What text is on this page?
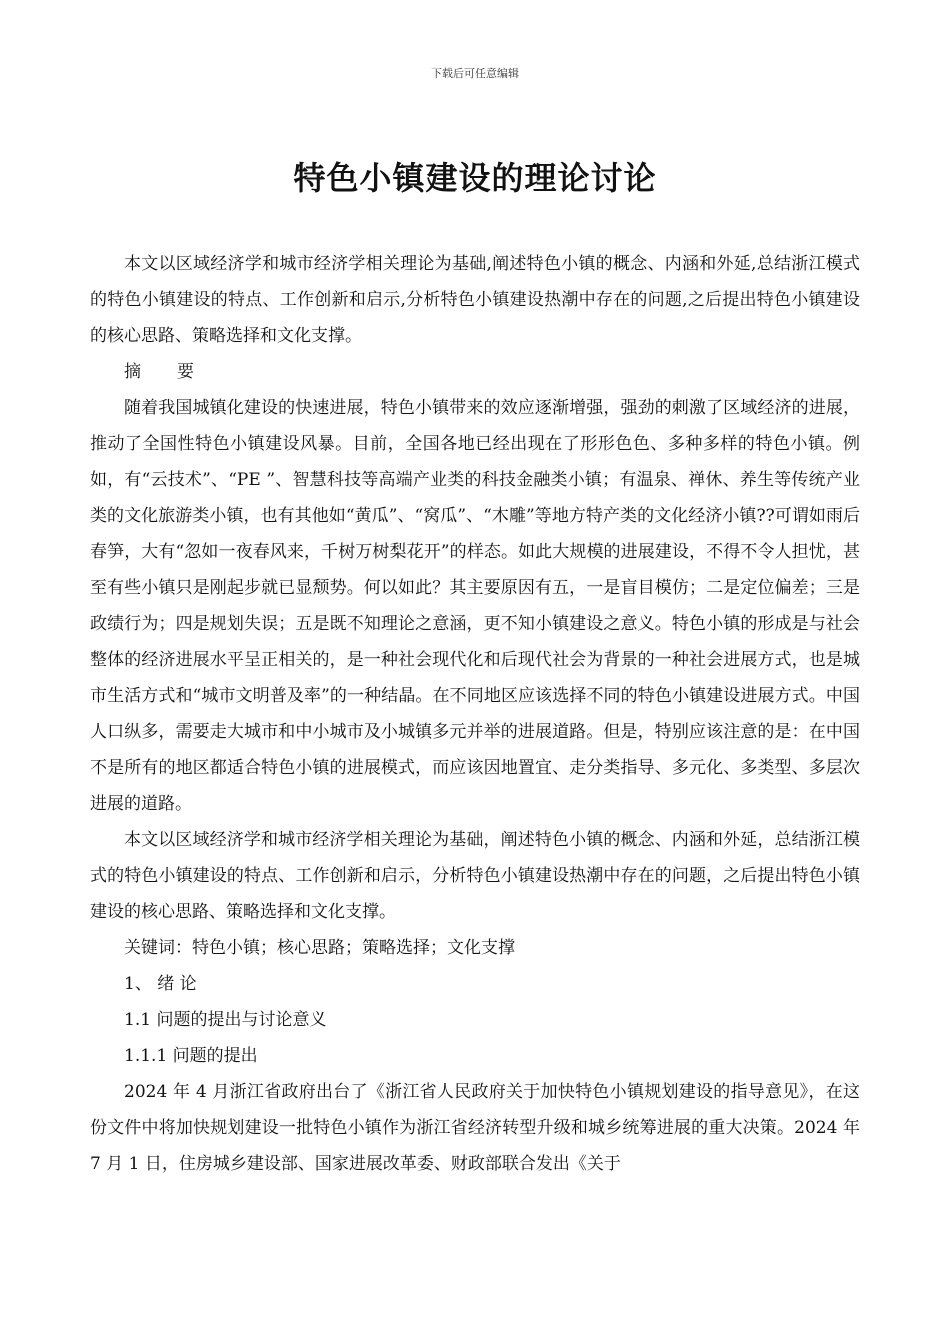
下载后可任意编辑
特色小镇建设的理论讨论

本文以区域经济学和城市经济学相关理论为基础,阐述特色小镇的概念、内涵和外延,总结浙江模式的特色小镇建设的特点、工作创新和启示,分析特色小镇建设热潮中存在的问题,之后提出特色小镇建设的核心思路、策略选择和文化支撑。

摘 要

随着我国城镇化建设的快速进展，特色小镇带来的效应逐渐增强，强劲的刺激了区域经济的进展，推动了全国性特色小镇建设风暴。目前，全国各地已经出现在了形形色色、多种多样的特色小镇。例如，有“云技术”、“PE ”、智慧科技等高端产业类的科技金融类小镇；有温泉、禅休、养生等传统产业类的文化旅游类小镇，也有其他如“黄瓜”、“窝瓜”、“木雕”等地方特产类的文化经济小镇??可谓如雨后春笋，大有“忽如一夜春风来，千树万树梨花开”的样态。如此大规模的进展建设，不得不令人担忧，甚至有些小镇只是刚起步就已显颓势。何以如此？其主要原因有五，一是盲目模仿；二是定位偏差；三是政绩行为；四是规划失误；五是既不知理论之意涵，更不知小镇建设之意义。特色小镇的形成是与社会整体的经济进展水平呈正相关的，是一种社会现代化和后现代社会为背景的一种社会进展方式，也是城市生活方式和“城市文明普及率”的一种结晶。在不同地区应该选择不同的特色小镇建设进展方式。中国人口纵多，需要走大城市和中小城市及小城镇多元并举的进展道路。但是，特别应该注意的是：在中国不是所有的地区都适合特色小镇的进展模式，而应该因地置宜、走分类指导、多元化、多类型、多层次进展的道路。

本文以区域经济学和城市经济学相关理论为基础，阐述特色小镇的概念、内涵和外延，总结浙江模式的特色小镇建设的特点、工作创新和启示，分析特色小镇建设热潮中存在的问题，之后提出特色小镇建设的核心思路、策略选择和文化支撑。

关键词：特色小镇；核心思路；策略选择；文化支撑

1、 绪 论

1.1 问题的提出与讨论意义

1.1.1 问题的提出

2024 年 4 月浙江省政府出台了《浙江省人民政府关于加快特色小镇规划建设的指导意见》，在这份文件中将加快规划建设一批特色小镇作为浙江省经济转型升级和城乡统筹进展的重大决策。2024 年 7 月 1 日，住房城乡建设部、国家进展改革委、财政部联合发出《关于
